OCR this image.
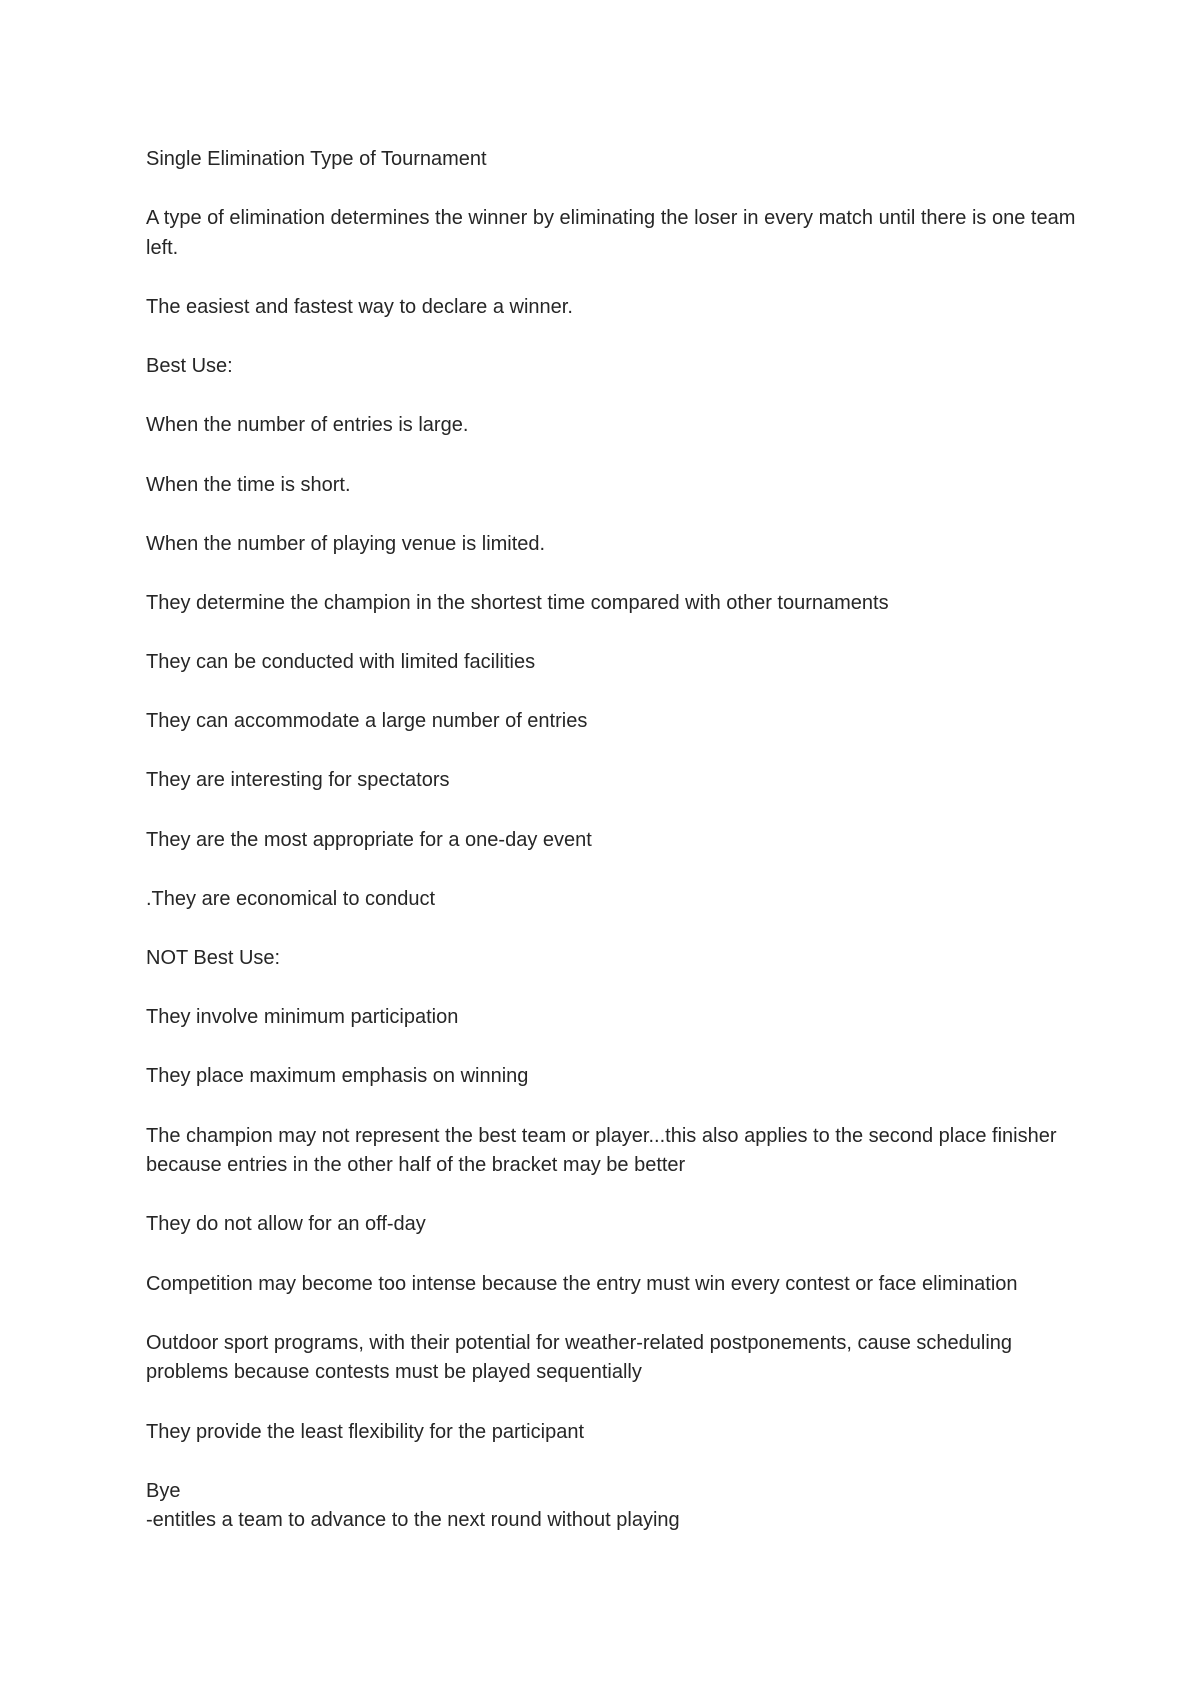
Single Elimination Type of Tournament

A type of elimination determines the winner by eliminating the loser in every match until there is one team left.

The easiest and fastest way to declare a winner.

Best Use:

When the number of entries is large.

When the time is short.

When the number of playing venue is limited.

They determine the champion in the shortest time compared with other tournaments

They can be conducted with limited facilities

They can accommodate a large number of entries

They are interesting for spectators

They are the most appropriate for a one-day event

.They are economical to conduct

NOT Best Use:

They involve minimum participation

They place maximum emphasis on winning

The champion may not represent the best team or player...this also applies to the second place finisher because entries in the other half of the bracket may be better

They do not allow for an off-day

Competition may become too intense because the entry must win every contest or face elimination

Outdoor sport programs, with their potential for weather-related postponements, cause scheduling problems because contests must be played sequentially

They provide the least flexibility for the participant

Bye

-entitles a team to advance to the next round without playing
